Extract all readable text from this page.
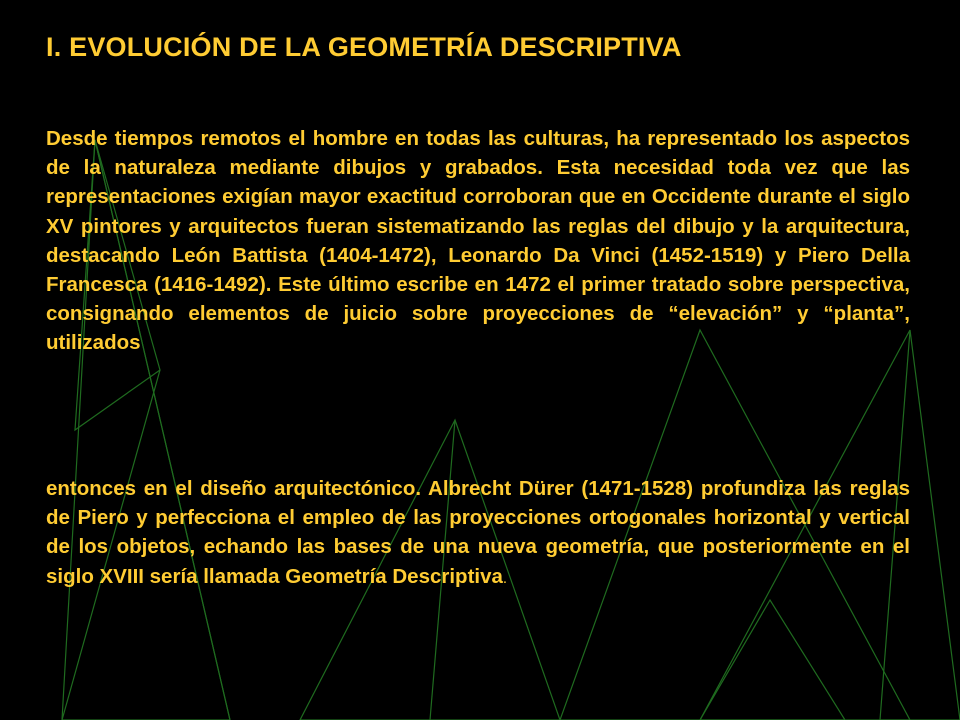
I. EVOLUCIÓN DE LA GEOMETRÍA DESCRIPTIVA

Desde tiempos remotos el hombre en todas las culturas, ha representado los aspectos de la naturaleza mediante dibujos y grabados. Esta necesidad toda vez que las representaciones exigían mayor exactitud corroboran que en Occidente durante el siglo XV pintores y arquitectos fueran sistematizando las reglas del dibujo y la arquitectura, destacando León Battista (1404-1472), Leonardo Da Vinci (1452-1519) y Piero Della Francesca (1416-1492). Este último escribe en 1472 el primer tratado sobre perspectiva, consignando elementos de juicio sobre proyecciones de “elevación” y “planta”, utilizados

entonces en el diseño arquitectónico. Albrecht Dürer (1471-1528) profundiza las reglas de Piero y perfecciona el empleo de las proyecciones ortogonales horizontal y vertical de los objetos, echando las bases de una nueva geometría, que posteriormente en el siglo XVIII sería llamada Geometría Descriptiva.
